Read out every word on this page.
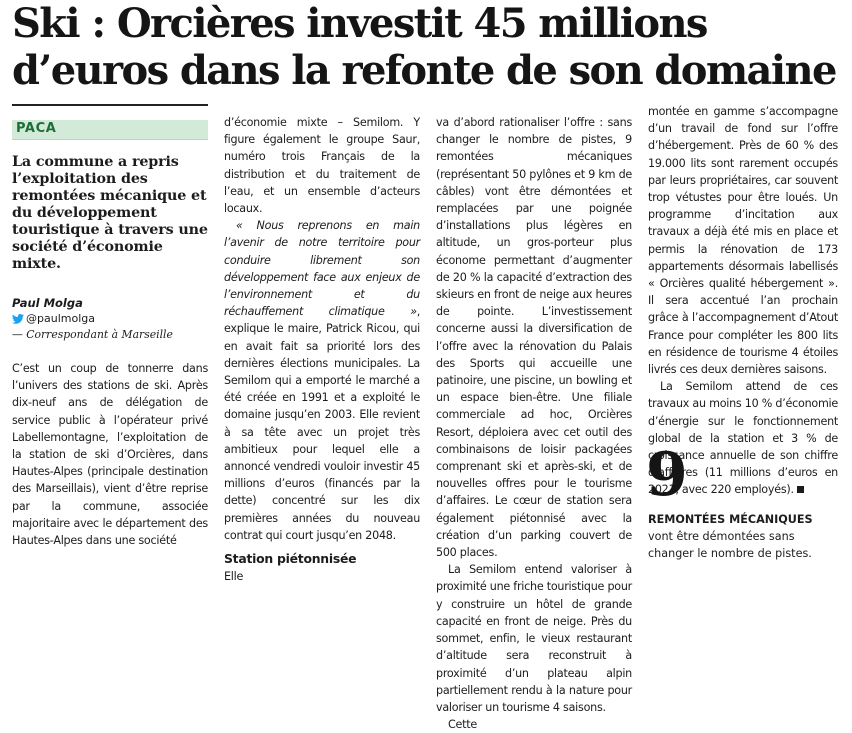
Ski : Orcières investit 45 millions d’euros dans la refonte de son domaine
PACA

La commune a repris l’exploitation des remontées mécanique et du développement touristique à travers une société d’économie mixte.

Paul Molga
@paulmolga
— Correspondant à Marseille

C’est un coup de tonnerre dans l’univers des stations de ski. Après dix-neuf ans de délégation de service public à l’opérateur privé Labellemontagne, l’exploitation de la station de ski d’Orcières, dans Hautes-Alpes (principale destination des Marseillais), vient d’être reprise par la commune, associée majoritaire avec le département des Hautes-Alpes dans une société

d’économie mixte – Semilom. Y figure également le groupe Saur, numéro trois Français de la distribution et du traitement de l’eau, et un ensemble d’acteurs locaux.

« Nous reprenons en main l’avenir de notre territoire pour conduire librement son développement face aux enjeux de l’environnement et du réchauffement climatique », explique le maire, Patrick Ricou, qui en avait fait sa priorité lors des dernières élections municipales. La Semilom qui a emporté le marché a été créée en 1991 et a exploité le domaine jusqu’en 2003. Elle revient à sa tête avec un projet très ambitieux pour lequel elle a annoncé vendredi vouloir investir 45 millions d’euros (financés par la dette) concentré sur les dix premières années du nouveau contrat qui court jusqu’en 2048.

Station piétonnisée

Elle

va d’abord rationaliser l’offre : sans changer le nombre de pistes, 9 remontées mécaniques (représentant 50 pylônes et 9 km de câbles) vont être démontées et remplacées par une poignée d’installations plus légères en altitude, un gros-porteur plus économe permettant d’augmenter de 20 % la capacité d’extraction des skieurs en front de neige aux heures de pointe. L’investissement concerne aussi la diversification de l’offre avec la rénovation du Palais des Sports qui accueille une patinoire, une piscine, un bowling et un espace bien-être. Une filiale commerciale ad hoc, Orcières Resort, déploiera avec cet outil des combinaisons de loisir packagées comprenant ski et après-ski, et de nouvelles offres pour le tourisme d’affaires. Le cœur de station sera également piétonnisé avec la création d’un parking couvert de 500 places.

La Semilom entend valoriser à proximité une friche touristique pour y construire un hôtel de grande capacité en front de neige. Près du sommet, enfin, le vieux restaurant d’altitude sera reconstruit à proximité d’un plateau alpin partiellement rendu à la nature pour valoriser un tourisme 4 saisons.

Cette

montée en gamme s’accompagne d’un travail de fond sur l’offre d’hébergement. Près de 60 % des 19.000 lits sont rarement occupés par leurs propriétaires, car souvent trop vétustes pour être loués. Un programme d’incitation aux travaux a déjà été mis en place et permis la rénovation de 173 appartements désormais labellisés « Orcières qualité hébergement ». Il sera accentué l’an prochain grâce à l’accompagnement d’Atout France pour compléter les 800 lits en résidence de tourisme 4 étoiles livrés ces deux dernières saisons.

La Semilom attend de ces travaux au moins 10 % d’économie d’énergie sur le fonctionnement global de la station et 3 % de croissance annuelle de son chiffre d’affaires (11 millions d’euros en 2021, avec 220 employés).

9
REMONTÉES MÉCANIQUES
vont être démontées sans changer le nombre de pistes.
